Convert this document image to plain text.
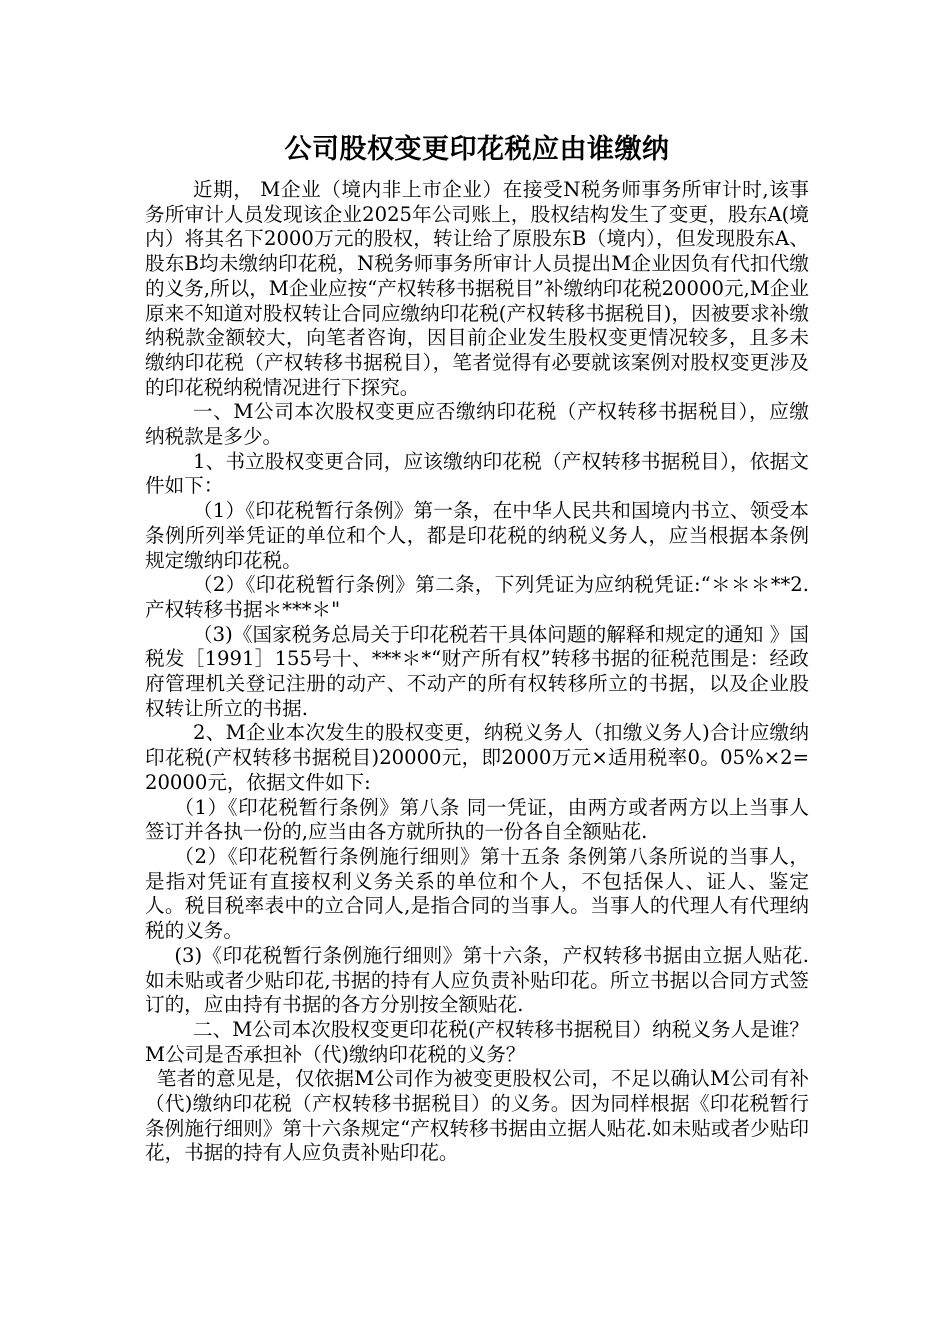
公司股权变更印花税应由谁缴纳

近期， M企业（境内非上市企业）在接受N税务师事务所审计时,该事务所审计人员发现该企业2025年公司账上，股权结构发生了变更，股东A(境内）将其名下2000万元的股权，转让给了原股东B（境内），但发现股东A、股东B均未缴纳印花税，N税务师事务所审计人员提出M企业因负有代扣代缴的义务,所以，M企业应按“产权转移书据税目”补缴纳印花税20000元,M企业原来不知道对股权转让合同应缴纳印花税(产权转移书据税目)，因被要求补缴纳税款金额较大，向笔者咨询，因目前企业发生股权变更情况较多，且多未缴纳印花税（产权转移书据税目），笔者觉得有必要就该案例对股权变更涉及的印花税纳税情况进行下探究。

一、M公司本次股权变更应否缴纳印花税（产权转移书据税目），应缴纳税款是多少。

1、书立股权变更合同，应该缴纳印花税（产权转移书据税目），依据文件如下：

（1）《印花税暂行条例》第一条，在中华人民共和国境内书立、领受本条例所列举凭证的单位和个人，都是印花税的纳税义务人，应当根据本条例规定缴纳印花税。

（2）《印花税暂行条例》第二条，下列凭证为应纳税凭证:“＊＊＊**2.产权转移书据＊***＊"

（3)《国家税务总局关于印花税若干具体问题的解释和规定的通知 》国税发［1991］155号十、***＊*“财产所有权”转移书据的征税范围是：经政府管理机关登记注册的动产、不动产的所有权转移所立的书据，以及企业股权转让所立的书据.

2、M企业本次发生的股权变更，纳税义务人（扣缴义务人)合计应缴纳印花税(产权转移书据税目)20000元，即2000万元×适用税率0。05%×2=20000元，依据文件如下:

（1）《印花税暂行条例》第八条 同一凭证，由两方或者两方以上当事人签订并各执一份的,应当由各方就所执的一份各自全额贴花.

（2）《印花税暂行条例施行细则》第十五条 条例第八条所说的当事人，是指对凭证有直接权利义务关系的单位和个人，不包括保人、证人、鉴定人。税目税率表中的立合同人,是指合同的当事人。当事人的代理人有代理纳税的义务。

(3)《印花税暂行条例施行细则》第十六条，产权转移书据由立据人贴花.如未贴或者少贴印花,书据的持有人应负责补贴印花。所立书据以合同方式签订的，应由持有书据的各方分别按全额贴花.

二、M公司本次股权变更印花税(产权转移书据税目）纳税义务人是谁？M公司是否承担补（代)缴纳印花税的义务？

笔者的意见是，仅依据M公司作为被变更股权公司，不足以确认M公司有补（代)缴纳印花税（产权转移书据税目）的义务。因为同样根据《印花税暂行条例施行细则》第十六条规定“产权转移书据由立据人贴花.如未贴或者少贴印花，书据的持有人应负责补贴印花。
